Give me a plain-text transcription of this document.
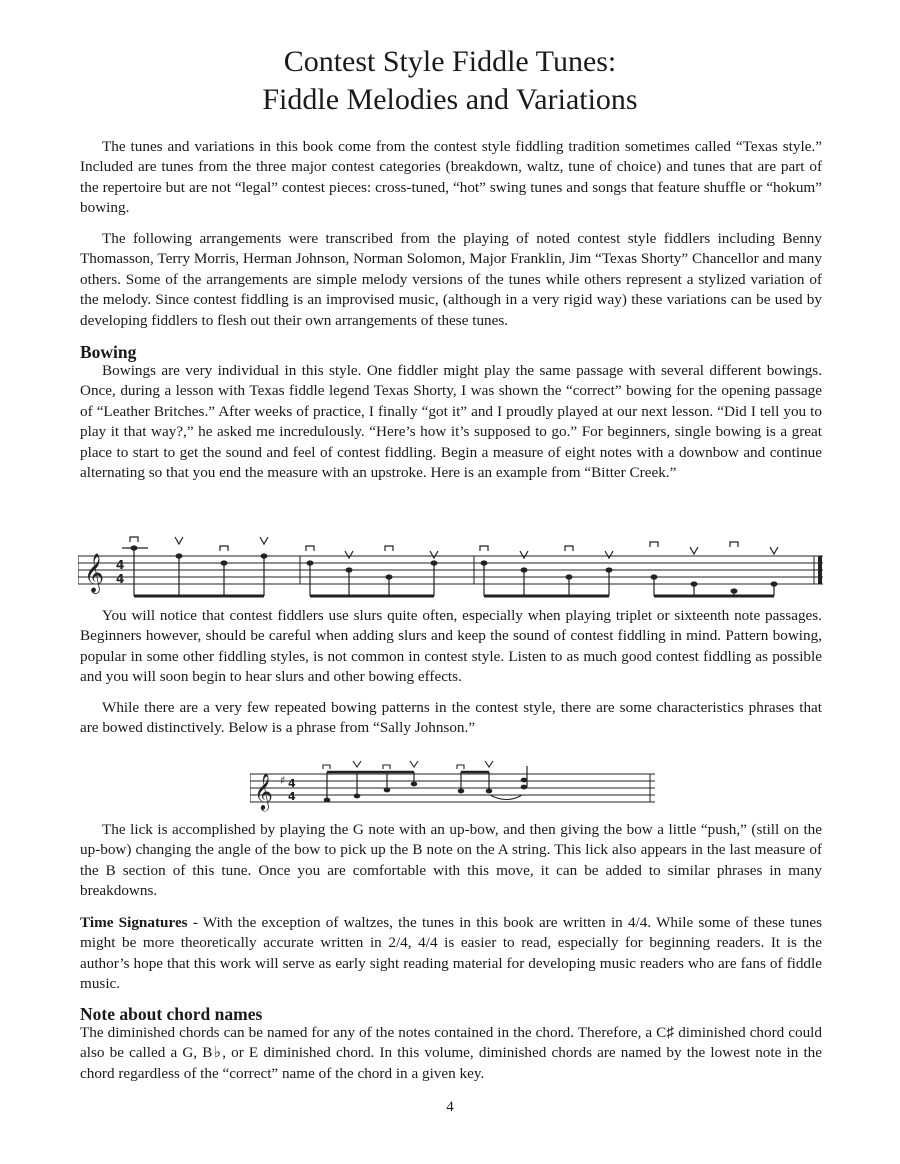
Contest Style Fiddle Tunes:
Fiddle Melodies and Variations

The tunes and variations in this book come from the contest style fiddling tradition sometimes called “Texas style.” Included are tunes from the three major contest categories (breakdown, waltz, tune of choice) and tunes that are part of the repertoire but are not “legal” contest pieces: cross-tuned, “hot” swing tunes and songs that feature shuffle or “hokum” bowing.

The following arrangements were transcribed from the playing of noted contest style fiddlers including Benny Thomasson, Terry Morris, Herman Johnson, Norman Solomon, Major Franklin, Jim “Texas Shorty” Chancellor and many others. Some of the arrangements are simple melody versions of the tunes while others represent a stylized variation of the melody. Since contest fiddling is an improvised music, (although in a very rigid way) these variations can be used by developing fiddlers to flesh out their own arrangements of these tunes.

Bowing

Bowings are very individual in this style. One fiddler might play the same passage with several different bowings. Once, during a lesson with Texas fiddle legend Texas Shorty, I was shown the “correct” bowing for the opening passage of “Leather Britches.” After weeks of practice, I finally “got it” and I proudly played at our next lesson. “Did I tell you to play it that way?,” he asked me incredulously. “Here’s how it’s supposed to go.” For beginners, single bowing is a great place to start to get the sound and feel of contest fiddling. Begin a measure of eight notes with a downbow and continue alternating so that you end the measure with an upstroke. Here is an example from “Bitter Creek.”

𝄞 4
4

You will notice that contest fiddlers use slurs quite often, especially when playing triplet or sixteenth note passages. Beginners however, should be careful when adding slurs and keep the sound of contest fiddling in mind. Pattern bowing, popular in some other fiddling styles, is not common in contest style. Listen to as much good contest fiddling as possible and you will soon begin to hear slurs and other bowing effects.

While there are a very few repeated bowing patterns in the contest style, there are some characteristics phrases that are bowed distinctively. Below is a phrase from “Sally Johnson.”

𝄞 ♯ 4
4

The lick is accomplished by playing the G note with an up-bow, and then giving the bow a little “push,” (still on the up-bow) changing the angle of the bow to pick up the B note on the A string. This lick also appears in the last measure of the B section of this tune. Once you are comfortable with this move, it can be added to similar phrases in many breakdowns.

Time Signatures - With the exception of waltzes, the tunes in this book are written in 4/4. While some of these tunes might be more theoretically accurate written in 2/4, 4/4 is easier to read, especially for beginning readers. It is the author’s hope that this work will serve as early sight reading material for developing music readers who are fans of fiddle music.

Note about chord names

The diminished chords can be named for any of the notes contained in the chord. Therefore, a C♯ diminished chord could also be called a G, B♭, or E diminished chord. In this volume, diminished chords are named by the lowest note in the chord regardless of the “correct” name of the chord in a given key.

4
